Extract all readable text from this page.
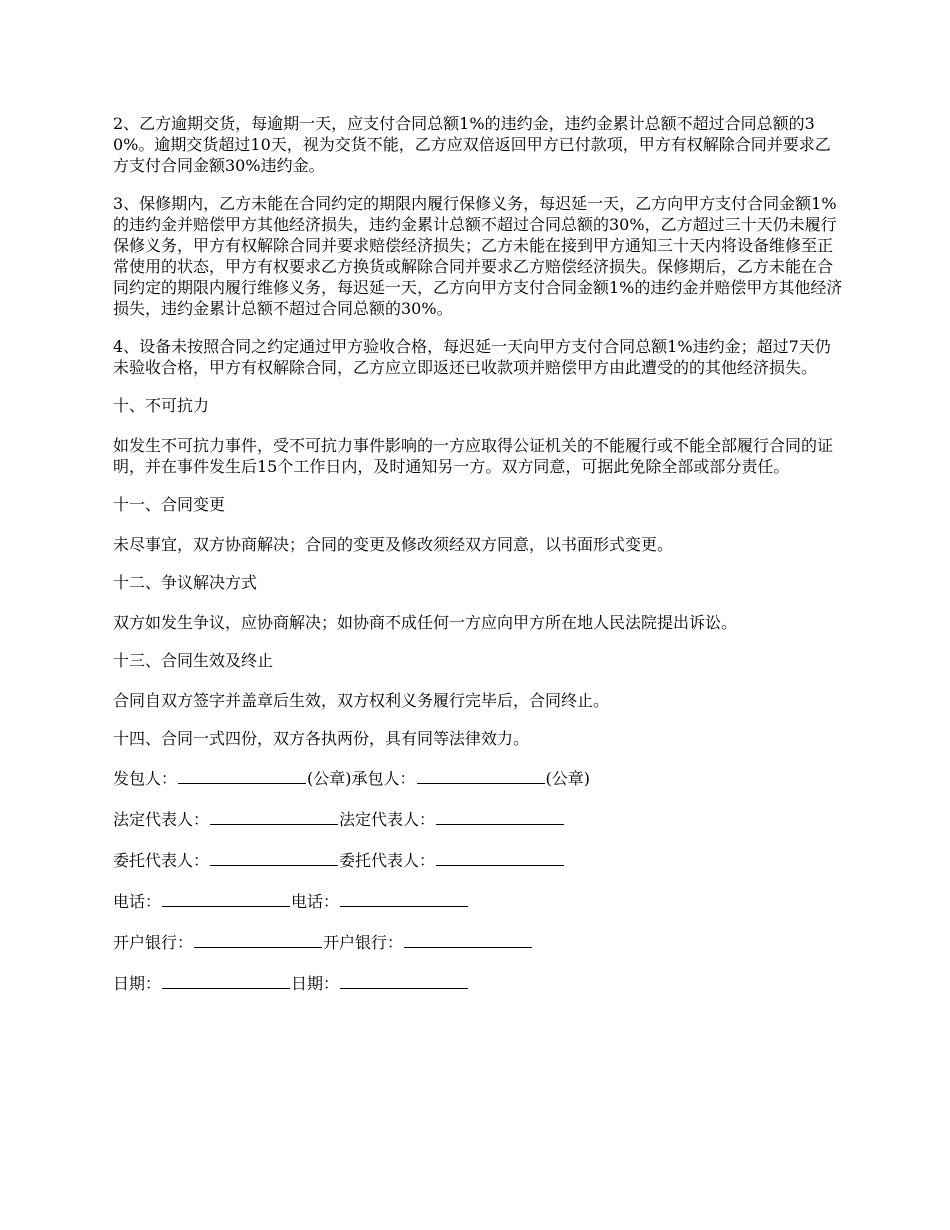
2、乙方逾期交货，每逾期一天，应支付合同总额1%的违约金，违约金累计总额不超过合同总额的30%。逾期交货超过10天，视为交货不能，乙方应双倍返回甲方已付款项，甲方有权解除合同并要求乙方支付合同金额30%违约金。

3、保修期内，乙方未能在合同约定的期限内履行保修义务，每迟延一天，乙方向甲方支付合同金额1%的违约金并赔偿甲方其他经济损失，违约金累计总额不超过合同总额的30%，乙方超过三十天仍未履行保修义务，甲方有权解除合同并要求赔偿经济损失；乙方未能在接到甲方通知三十天内将设备维修至正常使用的状态，甲方有权要求乙方换货或解除合同并要求乙方赔偿经济损失。保修期后，乙方未能在合同约定的期限内履行维修义务，每迟延一天，乙方向甲方支付合同金额1%的违约金并赔偿甲方其他经济损失，违约金累计总额不超过合同总额的30%。

4、设备未按照合同之约定通过甲方验收合格，每迟延一天向甲方支付合同总额1%违约金；超过7天仍未验收合格，甲方有权解除合同，乙方应立即返还已收款项并赔偿甲方由此遭受的的其他经济损失。

十、不可抗力

如发生不可抗力事件，受不可抗力事件影响的一方应取得公证机关的不能履行或不能全部履行合同的证明，并在事件发生后15个工作日内，及时通知另一方。双方同意，可据此免除全部或部分责任。

十一、合同变更

未尽事宜，双方协商解决；合同的变更及修改须经双方同意，以书面形式变更。

十二、争议解决方式

双方如发生争议，应协商解决；如协商不成任何一方应向甲方所在地人民法院提出诉讼。

十三、合同生效及终止

合同自双方签字并盖章后生效，双方权利义务履行完毕后，合同终止。

十四、合同一式四份，双方各执两份，具有同等法律效力。

发包人：	(公章)承包人：	(公章)
法定代表人：	法定代表人：
委托代表人：	委托代表人：
电话：	电话：
开户银行：	开户银行：
日期：	日期：
